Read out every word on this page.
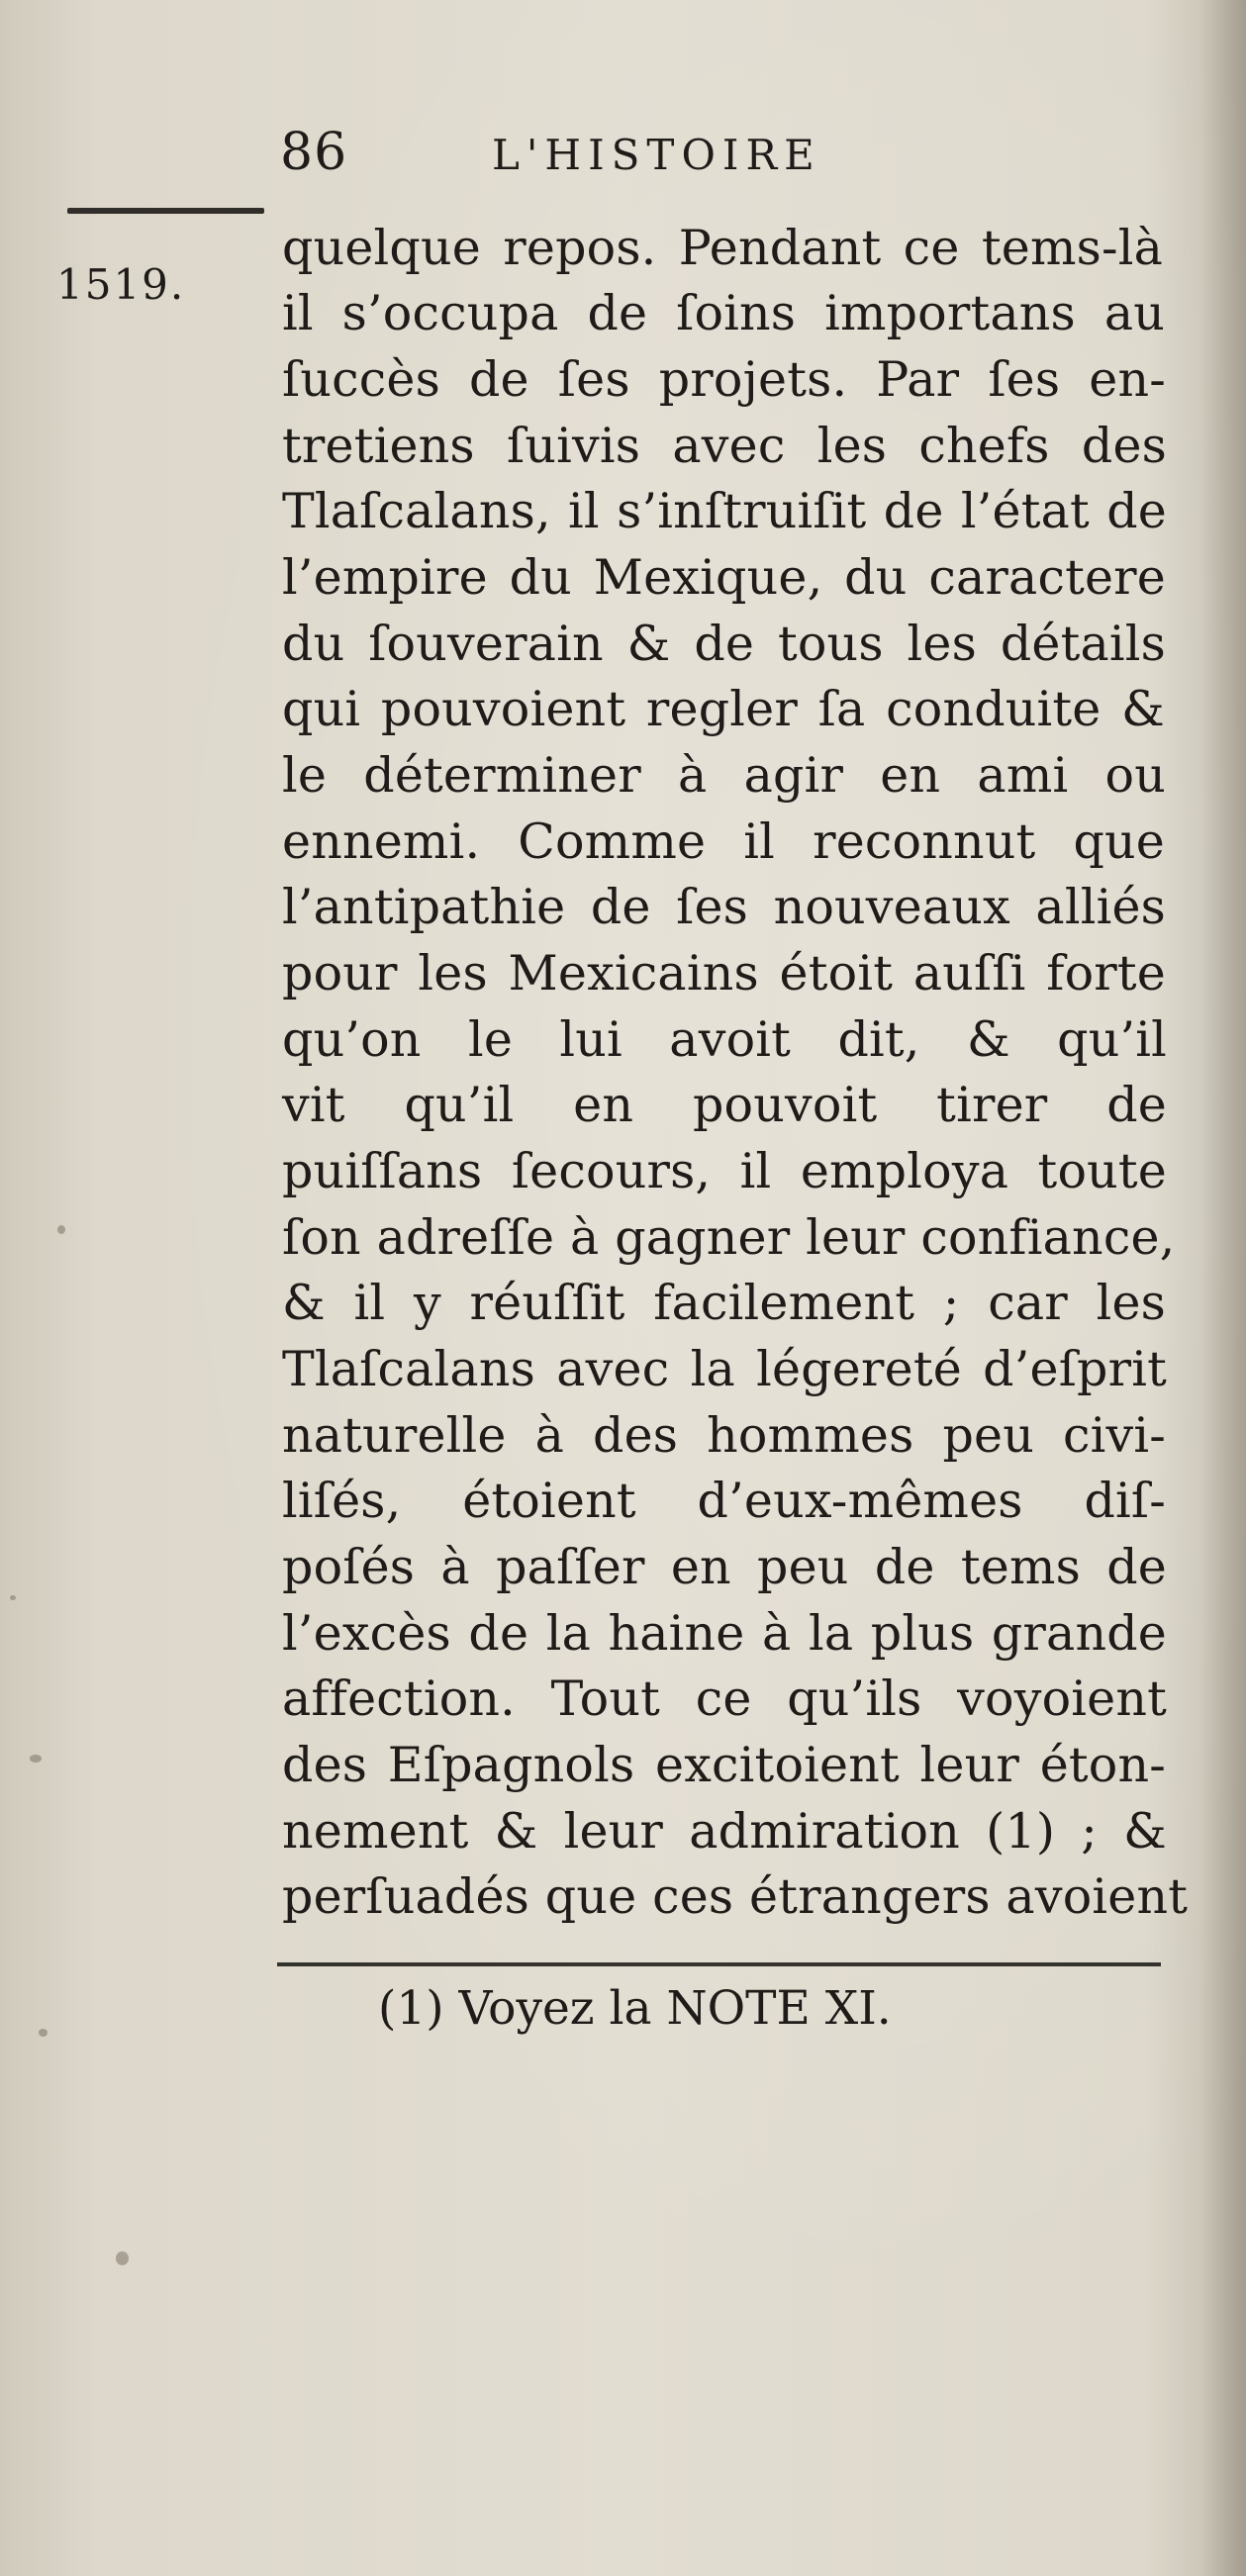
86	L'HISTOIRE
1519.
quelque repos. Pendant ce tems-là
il s’occupa de ſoins importans au
ſuccès de ſes projets. Par ſes en-
tretiens ſuivis avec les chefs des
Tlaſcalans, il s’inſtruiſit de l’état de
l’empire du Mexique, du caractere
du ſouverain & de tous les détails
qui pouvoient regler ſa conduite &
le déterminer à agir en ami ou
ennemi. Comme il reconnut que
l’antipathie de ſes nouveaux alliés
pour les Mexicains étoit auſſi forte
qu’on le lui avoit dit, & qu’il
vit qu’il en pouvoit tirer de
puiſſans ſecours, il employa toute
ſon adreſſe à gagner leur confiance,
& il y réuſſit facilement ; car les
Tlaſcalans avec la légereté d’eſprit
naturelle à des hommes peu civi-
liſés, étoient d’eux-mêmes diſ-
poſés à paſſer en peu de tems de
l’excès de la haine à la plus grande
affection. Tout ce qu’ils voyoient
des Eſpagnols excitoient leur éton-
nement & leur admiration (1) ; &
perſuadés que ces étrangers avoient
(1) Voyez la NOTE XI.
